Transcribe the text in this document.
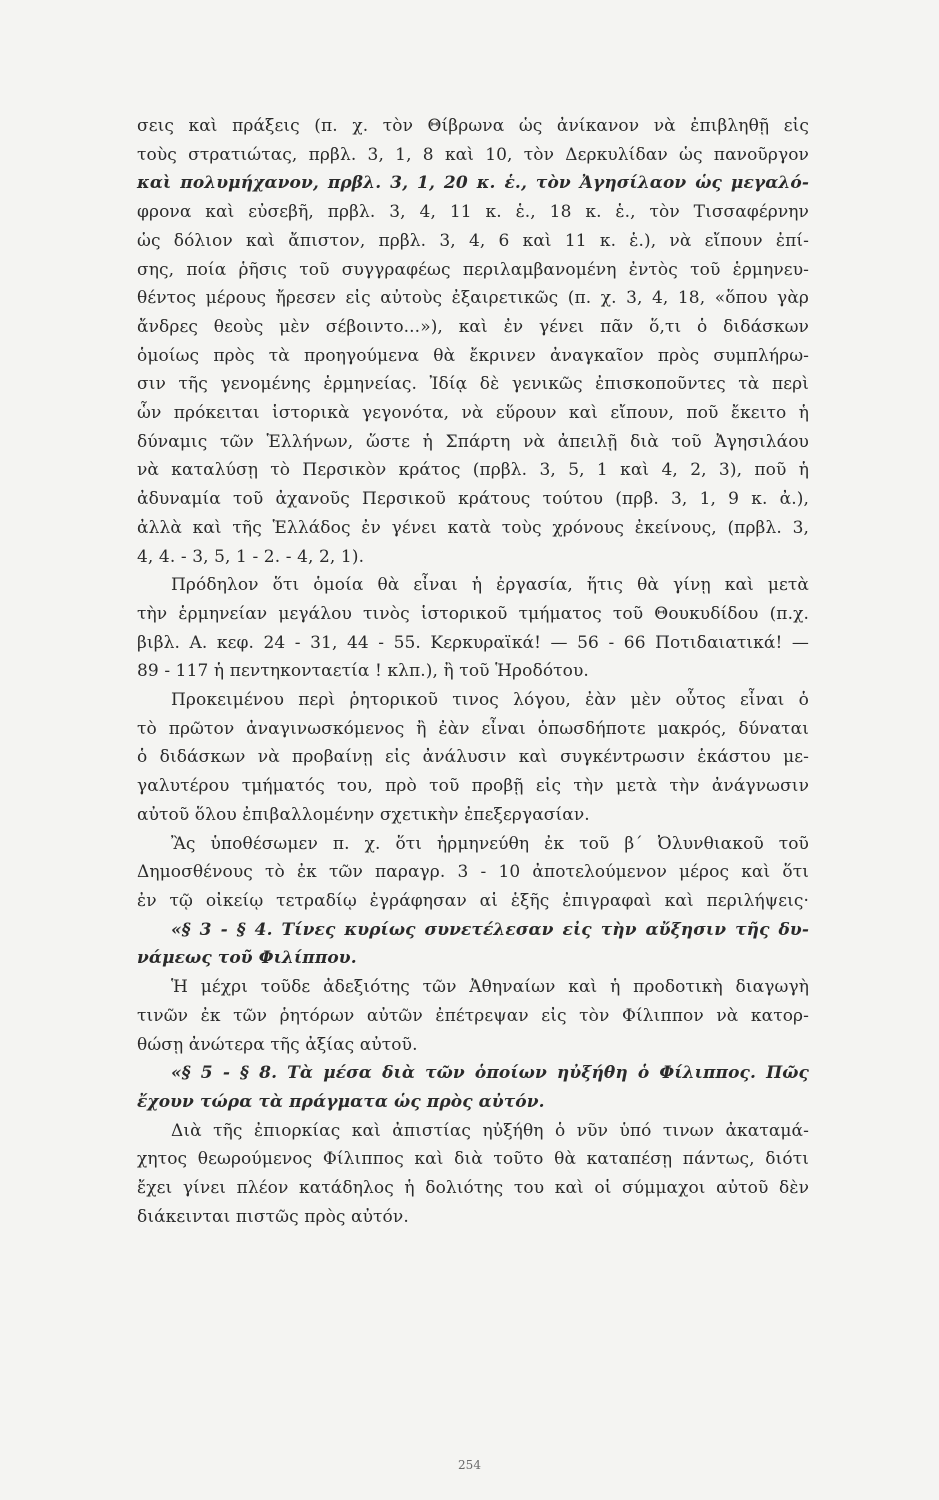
σεις καὶ πράξεις (π. χ. τὸν Θίβρωνα ὡς ἀνίκανον νὰ ἐπιβληθῇ εἰς
τοὺς στρατιώτας, πρβλ. 3, 1, 8 καὶ 10, τὸν Δερκυλίδαν ὡς πανοῦργον
καὶ πολυμήχανον, πρβλ. 3, 1, 20 κ. ἑ., τὸν Ἀγησίλαον ὡς μεγαλό-
φρονα καὶ εὐσεβῆ, πρβλ. 3, 4, 11 κ. ἑ., 18 κ. ἑ., τὸν Τισσαφέρνην
ὡς δόλιον καὶ ἄπιστον, πρβλ. 3, 4, 6 καὶ 11 κ. ἑ.), νὰ εἴπουν ἐπί-
σης, ποία ῥῆσις τοῦ συγγραφέως περιλαμβανομένη ἐντὸς τοῦ ἑρμηνευ-
θέντος μέρους ἤρεσεν εἰς αὐτοὺς ἐξαιρετικῶς (π. χ. 3, 4, 18, «ὅπου γὰρ
ἄνδρες θεοὺς μὲν σέβοιντο...»), καὶ ἐν γένει πᾶν ὅ,τι ὁ διδάσκων
ὁμοίως πρὸς τὰ προηγούμενα θὰ ἔκρινεν ἀναγκαῖον πρὸς συμπλήρω-
σιν τῆς γενομένης ἑρμηνείας. Ἰδίᾳ δὲ γενικῶς ἐπισκοποῦντες τὰ περὶ
ὧν πρόκειται ἱστορικὰ γεγονότα, νὰ εὕρουν καὶ εἴπουν, ποῦ ἔκειτο ἡ
δύναμις τῶν Ἑλλήνων, ὥστε ἡ Σπάρτη νὰ ἀπειλῇ διὰ τοῦ Ἀγησιλάου
νὰ καταλύσῃ τὸ Περσικὸν κράτος (πρβλ. 3, 5, 1 καὶ 4, 2, 3), ποῦ ἡ
ἀδυναμία τοῦ ἀχανοῦς Περσικοῦ κράτους τούτου (πρβ. 3, 1, 9 κ. ἀ.),
ἀλλὰ καὶ τῆς Ἑλλάδος ἐν γένει κατὰ τοὺς χρόνους ἐκείνους, (πρβλ. 3,
4, 4. - 3, 5, 1 - 2. - 4, 2, 1).
Πρόδηλον ὅτι ὁμοία θὰ εἶναι ἡ ἐργασία, ἥτις θὰ γίνῃ καὶ μετὰ
τὴν ἑρμηνείαν μεγάλου τινὸς ἱστορικοῦ τμήματος τοῦ Θουκυδίδου (π.χ.
βιβλ. Α. κεφ. 24 - 31, 44 - 55. Κερκυραϊκά! — 56 - 66 Ποτιδαιατικά! —
89 - 117 ἡ πεντηκονταετία ! κλπ.), ἢ τοῦ Ἡροδότου.
Προκειμένου περὶ ῥητορικοῦ τινος λόγου, ἐὰν μὲν οὗτος εἶναι ὁ
τὸ πρῶτον ἀναγινωσκόμενος ἢ ἐὰν εἶναι ὁπωσδήποτε μακρός, δύναται
ὁ διδάσκων νὰ προβαίνῃ εἰς ἀνάλυσιν καὶ συγκέντρωσιν ἑκάστου με-
γαλυτέρου τμήματός του, πρὸ τοῦ προβῇ εἰς τὴν μετὰ τὴν ἀνάγνωσιν
αὐτοῦ ὅλου ἐπιβαλλομένην σχετικὴν ἐπεξεργασίαν.
Ἂς ὑποθέσωμεν π. χ. ὅτι ἡρμηνεύθη ἐκ τοῦ β΄ Ὀλυνθιακοῦ τοῦ
Δημοσθένους τὸ ἐκ τῶν παραγρ. 3 - 10 ἀποτελούμενον μέρος καὶ ὅτι
ἐν τῷ οἰκείῳ τετραδίῳ ἐγράφησαν αἱ ἑξῆς ἐπιγραφαὶ καὶ περιλήψεις·
«§ 3 - § 4. Τίνες κυρίως συνετέλεσαν εἰς τὴν αὔξησιν τῆς δυ-
νάμεως τοῦ Φιλίππου.
Ἡ μέχρι τοῦδε ἀδεξιότης τῶν Ἀθηναίων καὶ ἡ προδοτικὴ διαγωγὴ
τινῶν ἐκ τῶν ῥητόρων αὐτῶν ἐπέτρεψαν εἰς τὸν Φίλιππον νὰ κατορ-
θώσῃ ἀνώτερα τῆς ἀξίας αὐτοῦ.
«§ 5 - § 8. Τὰ μέσα διὰ τῶν ὁποίων ηὐξήθη ὁ Φίλιππος. Πῶς
ἔχουν τώρα τὰ πράγματα ὡς πρὸς αὐτόν.
Διὰ τῆς ἐπιορκίας καὶ ἀπιστίας ηὐξήθη ὁ νῦν ὑπό τινων ἀκαταμά-
χητος θεωρούμενος Φίλιππος καὶ διὰ τοῦτο θὰ καταπέσῃ πάντως, διότι
ἔχει γίνει πλέον κατάδηλος ἡ δολιότης του καὶ οἱ σύμμαχοι αὐτοῦ δὲν
διάκεινται πιστῶς πρὸς αὐτόν.
254
